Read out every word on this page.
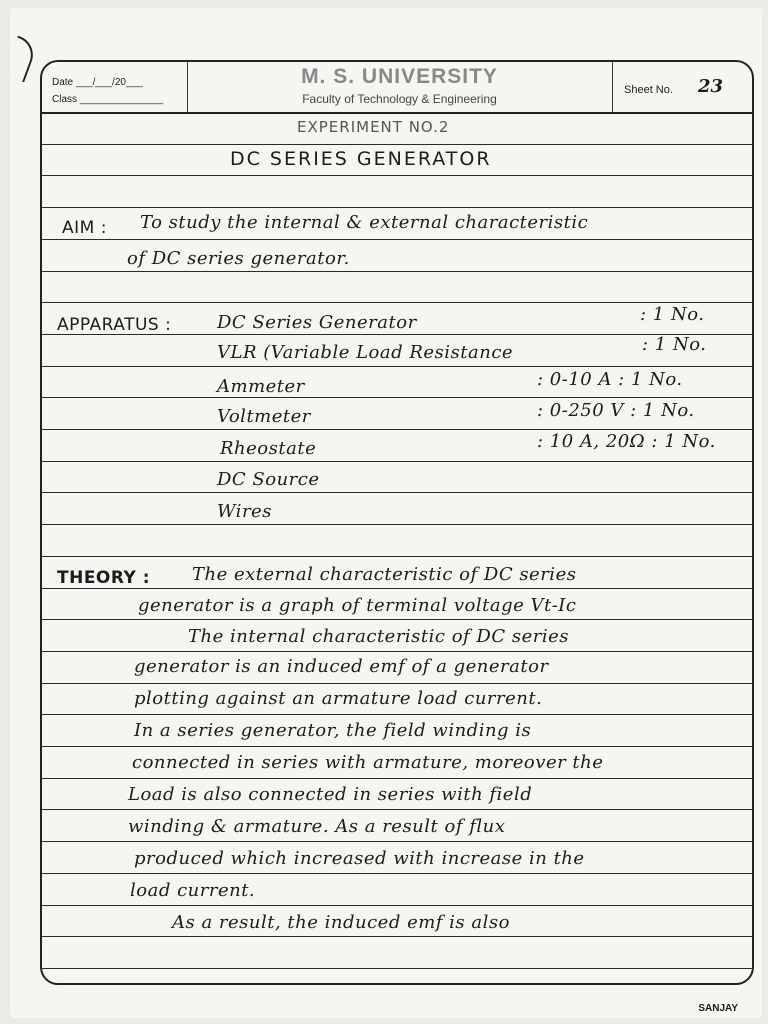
Date ___/___/20___
Class _______________
M. S. UNIVERSITY
Faculty of Technology & Engineering
Sheet No. 23
EXPERIMENT NO.2
DC SERIES GENERATOR
AIM : To study the internal & external characteristic
of DC series generator.
APPARATUS :	DC Series Generator	: 1 No.
VLR (Variable Load Resistance	: 1 No.
Ammeter	: 0-10 A : 1 No.
Voltmeter	: 0-250 V : 1 No.
Rheostate	: 10 A, 20Ω : 1 No.
DC Source
Wires
THEORY : The external characteristic of DC series
generator is a graph of terminal voltage Vt-Ic
The internal characteristic of DC series
generator is an induced emf of a generator
plotting against an armature load current.
In a series generator, the field winding is
connected in series with armature, moreover the
Load is also connected in series with field
winding & armature. As a result of flux
produced which increased with increase in the
load current.
As a result, the induced emf is also
SANJAY
